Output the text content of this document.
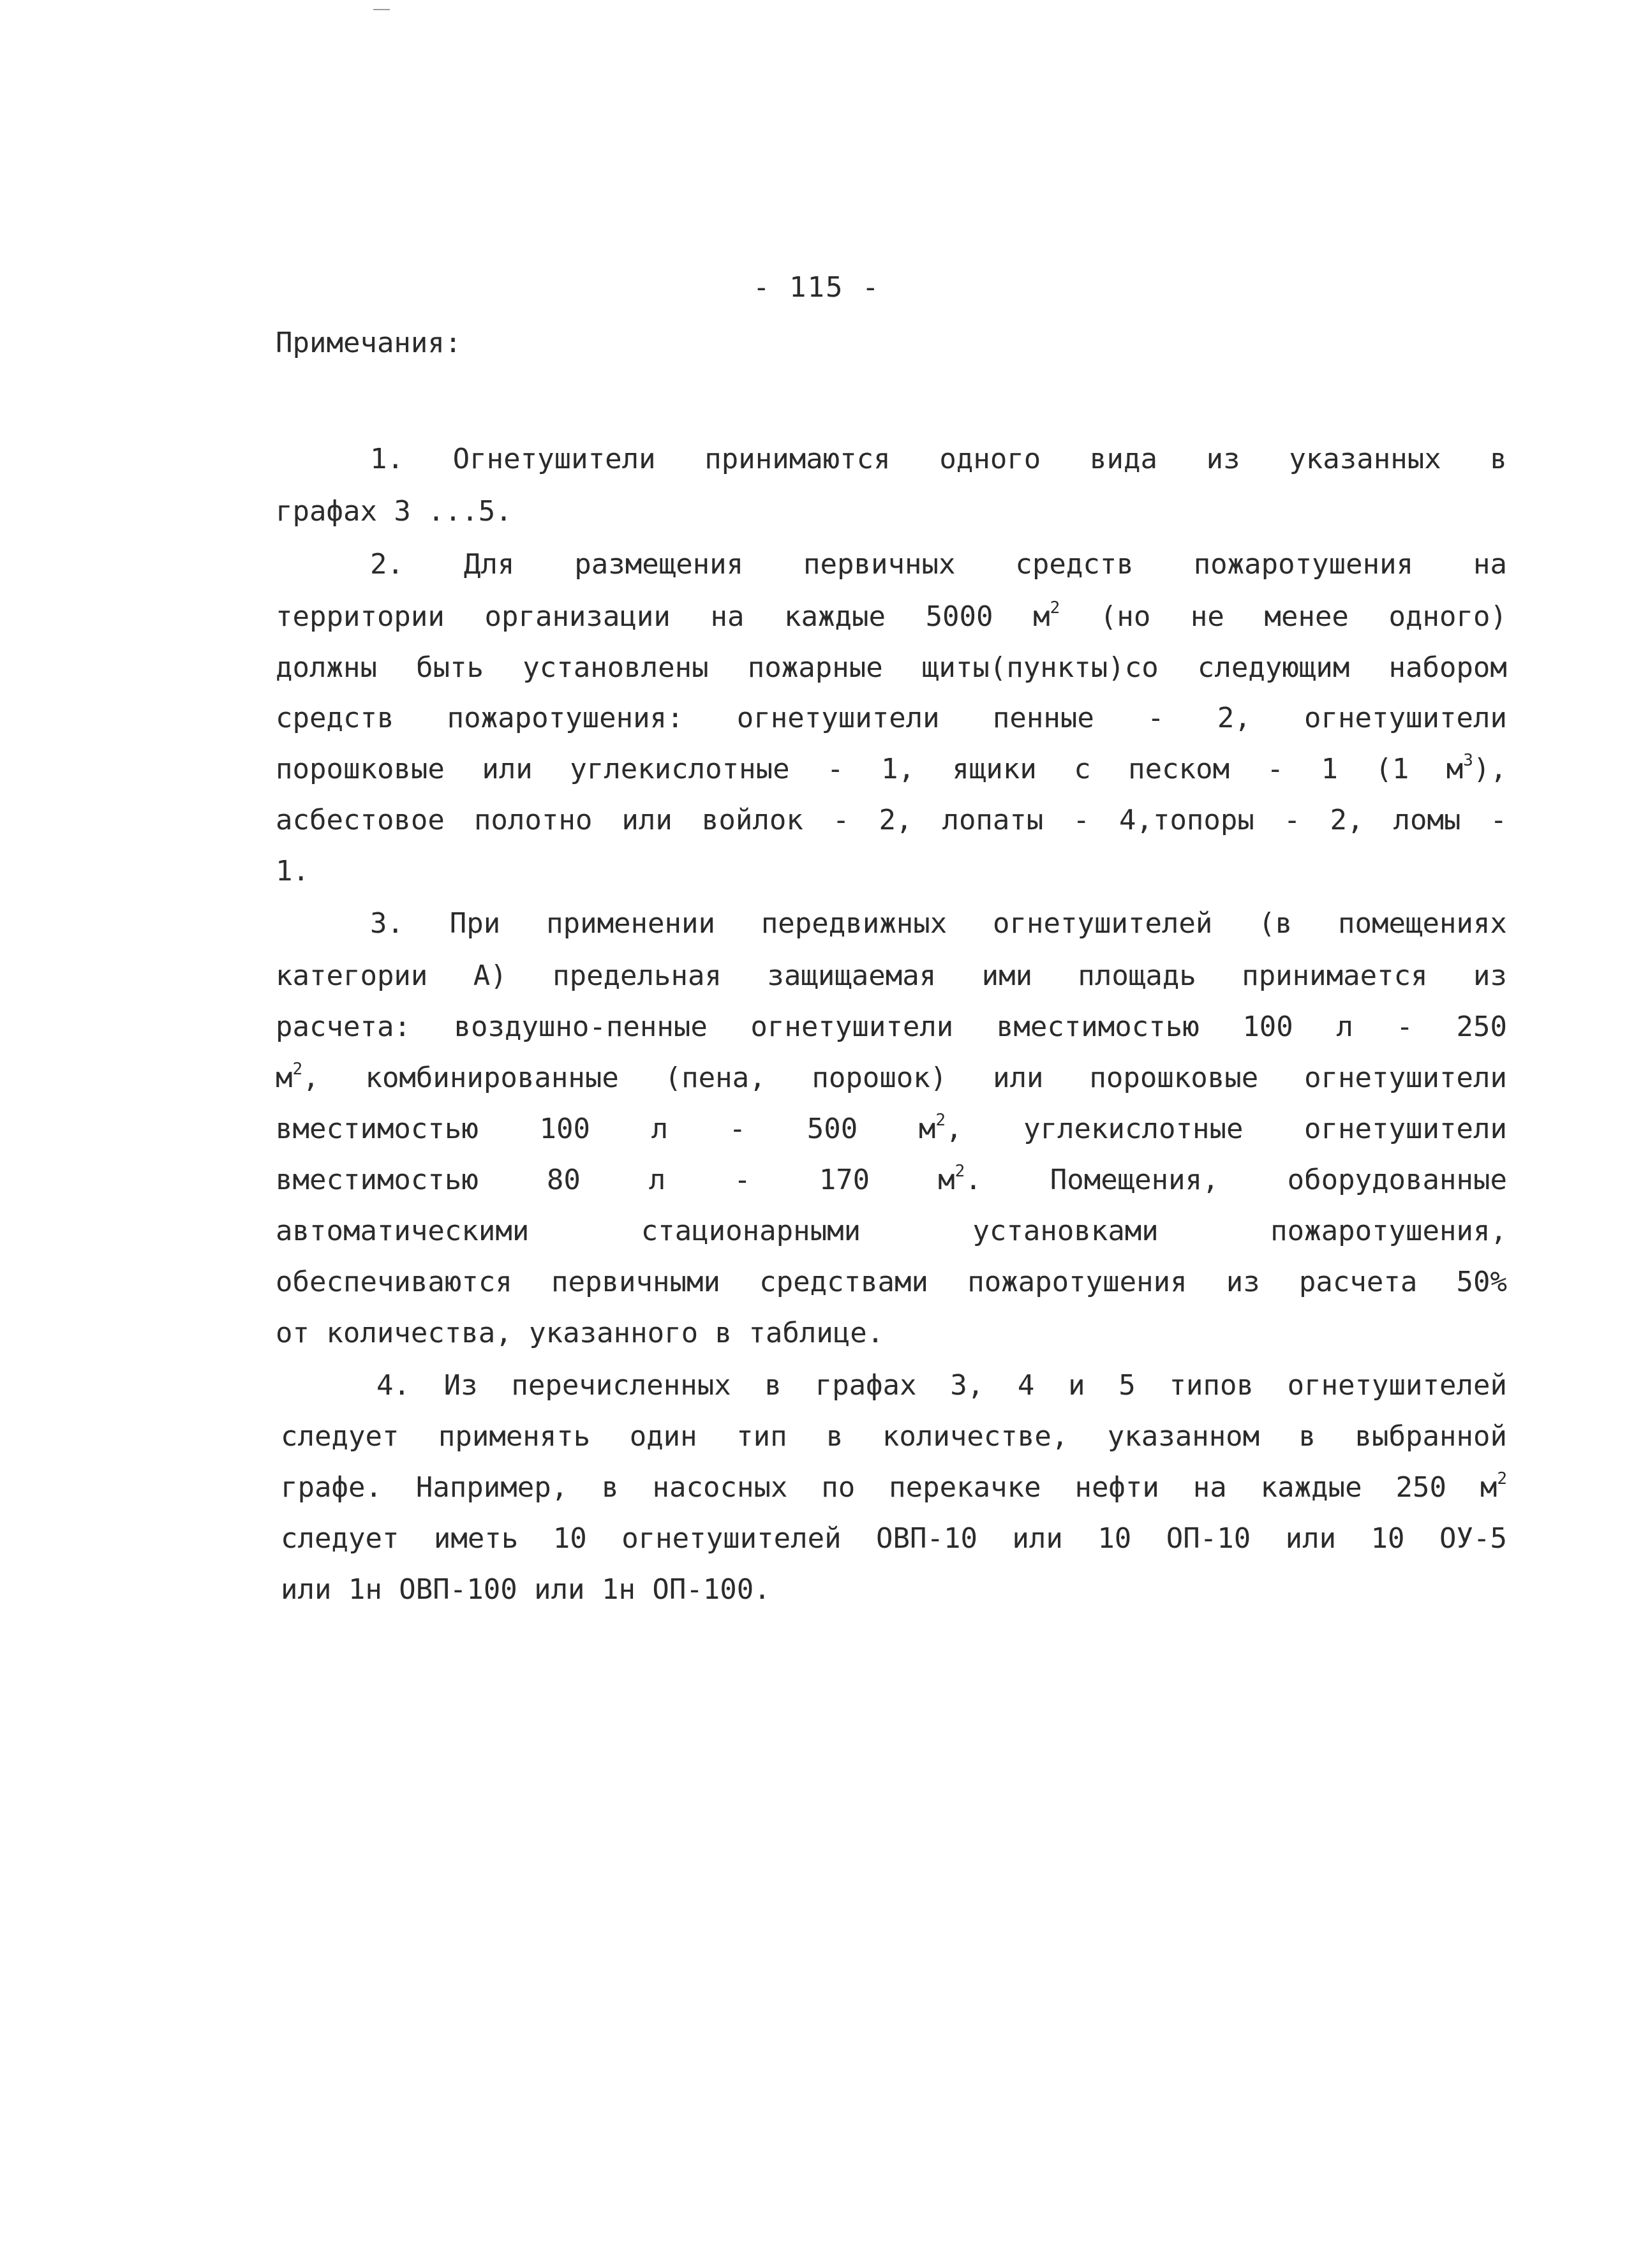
- 115 -
Примечания:
1. Огнетушители принимаются одного вида из указанных в
графах 3 ...5.
2. Для размещения первичных средств пожаротушения на
территории организации на каждые 5000 $м^2$ (но не менее одного)
должны быть установлены пожарные щиты(пункты)со следующим набором
средств пожаротушения: огнетушители пенные - 2, огнетушители
порошковые или углекислотные - 1, ящики с песком - 1 (1 $м^3$),
асбестовое полотно или войлок - 2, лопаты - 4,топоры - 2, ломы -
1.
3. При применении передвижных огнетушителей (в помещениях
категории А) предельная защищаемая ими площадь принимается из
расчета: воздушно-пенные огнетушители вместимостью 100 л - 250
$м^2$, комбинированные (пена, порошок) или порошковые огнетушители
вместимостью 100 л - 500 $м^2$, углекислотные огнетушители
вместимостью 80 л - 170 $м^2$. Помещения, оборудованные
автоматическими	стационарными	установками	пожаротушения,
обеспечиваются первичными средствами пожаротушения из расчета 50%
от количества, указанного в таблице.
4. Из перечисленных в графах 3, 4 и 5 типов огнетушителей
следует применять один тип в количестве, указанном в выбранной
графе. Например, в насосных по перекачке нефти на каждые 250 $м^2$
следует иметь 10 огнетушителей ОВП-10 или 10 ОП-10 или 10 ОУ-5
или 1н ОВП-100 или 1н ОП-100.
